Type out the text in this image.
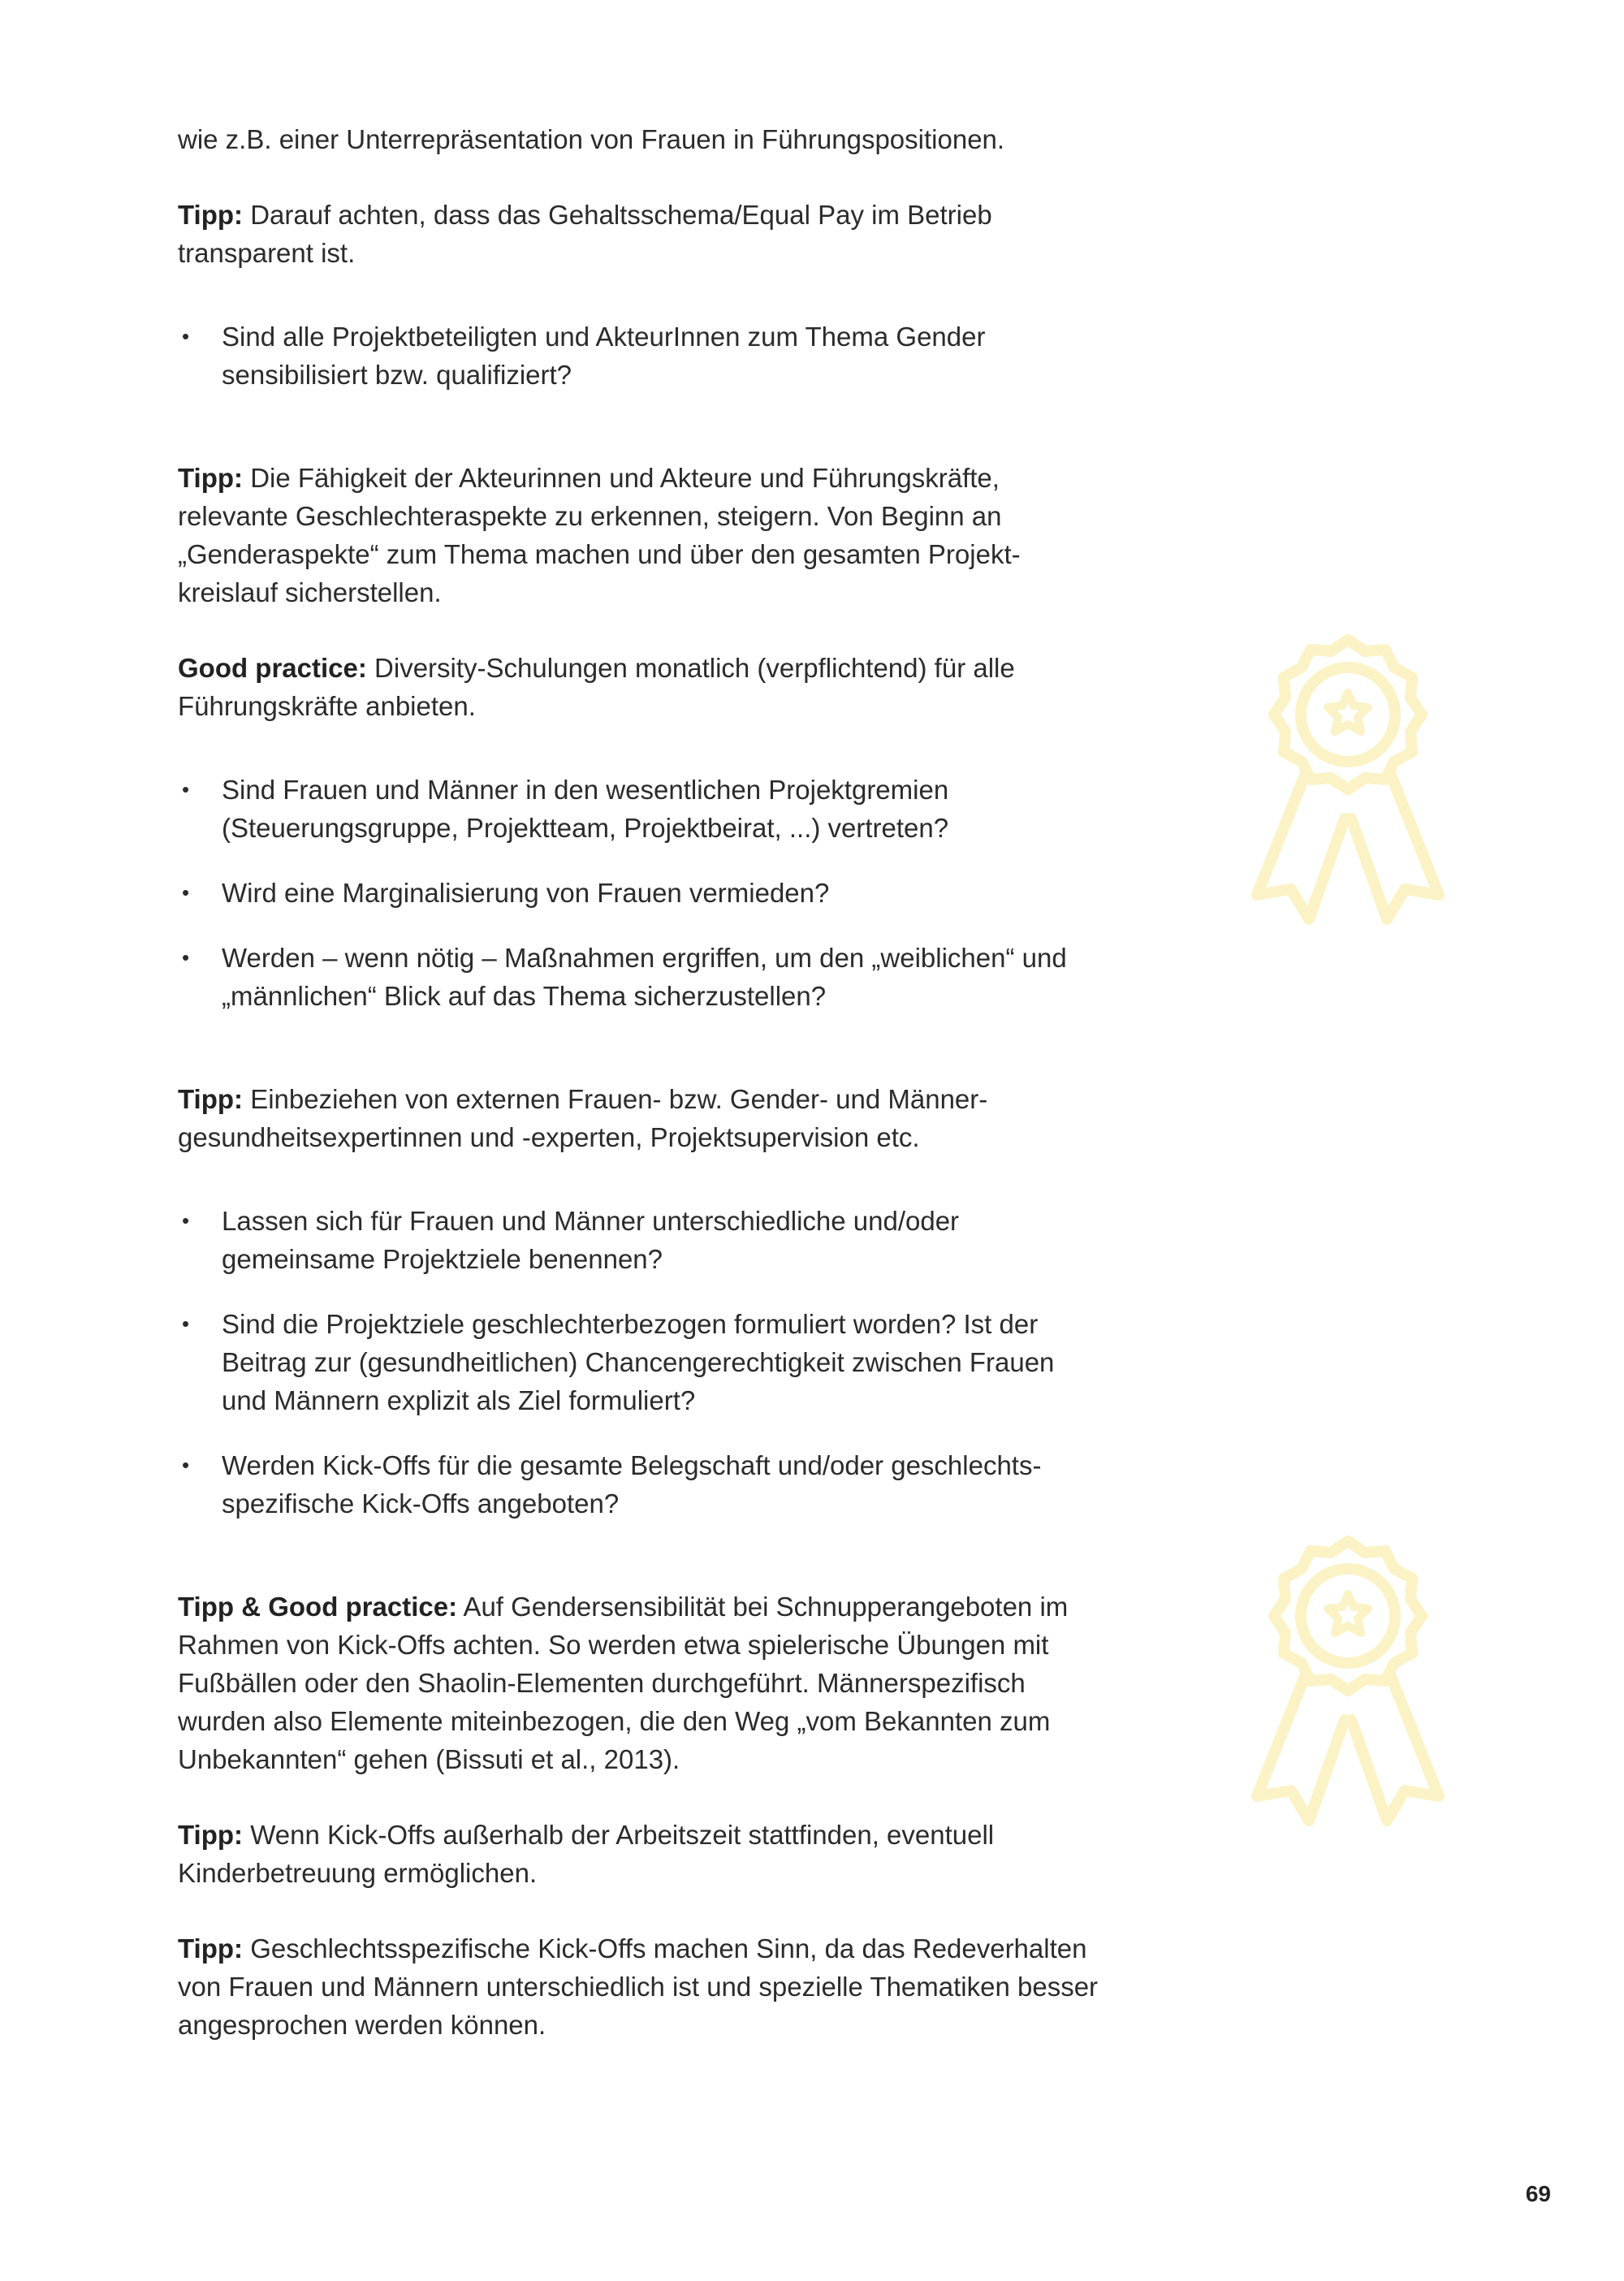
wie z.B. einer Unterrepräsentation von Frauen in Führungspositionen.

Tipp: Darauf achten, dass das Gehaltsschema/Equal Pay im Betrieb transparent ist.

• Sind alle Projektbeteiligten und AkteurInnen zum Thema Gender sensibilisiert bzw. qualifiziert?

Tipp: Die Fähigkeit der Akteurinnen und Akteure und Führungskräfte, relevante Geschlechteraspekte zu erkennen, steigern. Von Beginn an „Genderaspekte“ zum Thema machen und über den gesamten Projektkreislauf sicherstellen.

Good practice: Diversity-Schulungen monatlich (verpflichtend) für alle Führungskräfte anbieten.

• Sind Frauen und Männer in den wesentlichen Projektgremien (Steuerungsgruppe, Projektteam, Projektbeirat, ...) vertreten?
• Wird eine Marginalisierung von Frauen vermieden?
• Werden – wenn nötig – Maßnahmen ergriffen, um den „weiblichen“ und „männlichen“ Blick auf das Thema sicherzustellen?

Tipp: Einbeziehen von externen Frauen- bzw. Gender- und Männergesundheitsexpertinnen und -experten, Projektsupervision etc.

• Lassen sich für Frauen und Männer unterschiedliche und/oder gemeinsame Projektziele benennen?
• Sind die Projektziele geschlechterbezogen formuliert worden? Ist der Beitrag zur (gesundheitlichen) Chancengerechtigkeit zwischen Frauen und Männern explizit als Ziel formuliert?
• Werden Kick-Offs für die gesamte Belegschaft und/oder geschlechtsspezifische Kick-Offs angeboten?

Tipp & Good practice: Auf Gendersensibilität bei Schnupperangeboten im Rahmen von Kick-Offs achten. So werden etwa spielerische Übungen mit Fußbällen oder den Shaolin-Elementen durchgeführt. Männerspezifisch wurden also Elemente miteinbezogen, die den Weg „vom Bekannten zum Unbekannten“ gehen (Bissuti et al., 2013).

Tipp: Wenn Kick-Offs außerhalb der Arbeitszeit stattfinden, eventuell Kinderbetreuung ermöglichen.

Tipp: Geschlechtsspezifische Kick-Offs machen Sinn, da das Redeverhalten von Frauen und Männern unterschiedlich ist und spezielle Thematiken besser angesprochen werden können.

69
